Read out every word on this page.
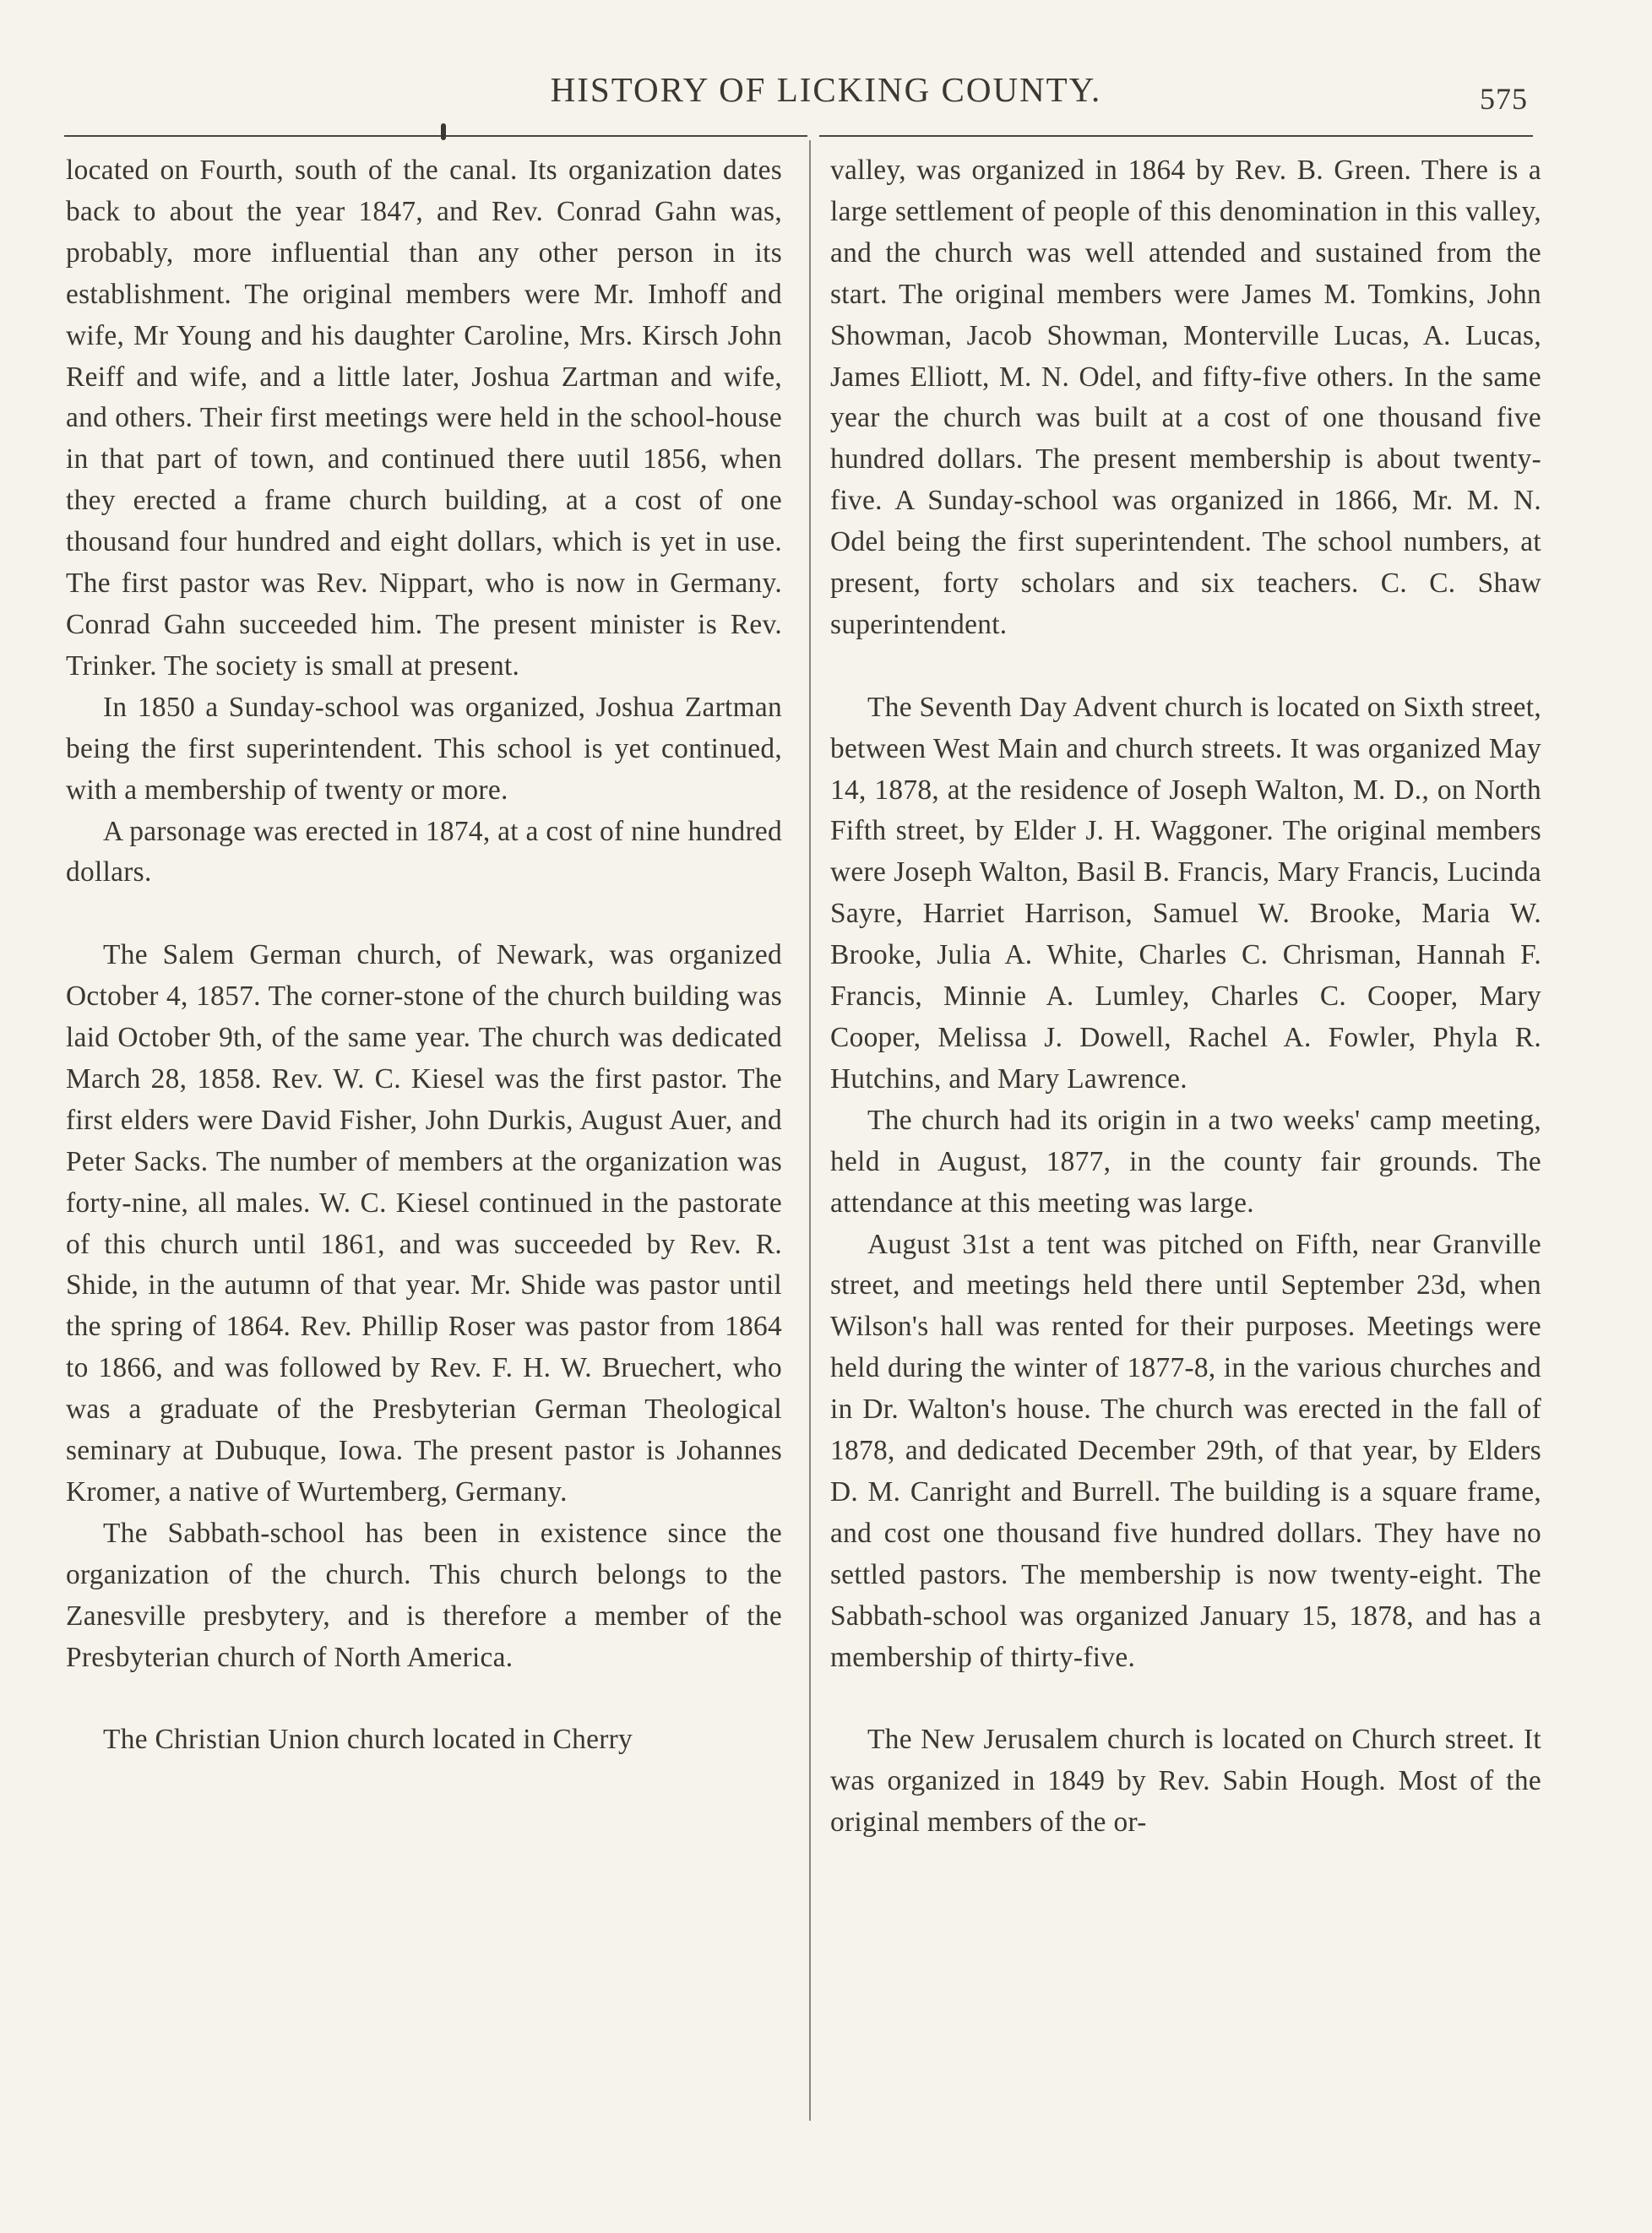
HISTORY OF LICKING COUNTY.	575

located on Fourth, south of the canal. Its organization dates back to about the year 1847, and Rev. Conrad Gahn was, probably, more influential than any other person in its establishment. The original members were Mr. Imhoff and wife, Mr Young and his daughter Caroline, Mrs. Kirsch John Reiff and wife, and a little later, Joshua Zartman and wife, and others. Their first meetings were held in the school-house in that part of town, and continued there uutil 1856, when they erected a frame church building, at a cost of one thousand four hundred and eight dollars, which is yet in use. The first pastor was Rev. Nippart, who is now in Germany. Conrad Gahn succeeded him. The present minister is Rev. Trinker. The society is small at present.

In 1850 a Sunday-school was organized, Joshua Zartman being the first superintendent. This school is yet continued, with a membership of twenty or more.

A parsonage was erected in 1874, at a cost of nine hundred dollars.

The Salem German church, of Newark, was organized October 4, 1857. The corner-stone of the church building was laid October 9th, of the same year. The church was dedicated March 28, 1858. Rev. W. C. Kiesel was the first pastor. The first elders were David Fisher, John Durkis, August Auer, and Peter Sacks. The number of members at the organization was forty-nine, all males. W. C. Kiesel continued in the pastorate of this church until 1861, and was succeeded by Rev. R. Shide, in the autumn of that year. Mr. Shide was pastor until the spring of 1864. Rev. Phillip Roser was pastor from 1864 to 1866, and was followed by Rev. F. H. W. Bruechert, who was a graduate of the Presbyterian German Theological seminary at Dubuque, Iowa. The present pastor is Johannes Kromer, a native of Wurtemberg, Germany.

The Sabbath-school has been in existence since the organization of the church. This church belongs to the Zanesville presbytery, and is therefore a member of the Presbyterian church of North America.

The Christian Union church located in Cherry

valley, was organized in 1864 by Rev. B. Green. There is a large settlement of people of this denomination in this valley, and the church was well attended and sustained from the start. The original members were James M. Tomkins, John Showman, Jacob Showman, Monterville Lucas, A. Lucas, James Elliott, M. N. Odel, and fifty-five others. In the same year the church was built at a cost of one thousand five hundred dollars. The present membership is about twenty-five. A Sunday-school was organized in 1866, Mr. M. N. Odel being the first superintendent. The school numbers, at present, forty scholars and six teachers. C. C. Shaw superintendent.

The Seventh Day Advent church is located on Sixth street, between West Main and church streets. It was organized May 14, 1878, at the residence of Joseph Walton, M. D., on North Fifth street, by Elder J. H. Waggoner. The original members were Joseph Walton, Basil B. Francis, Mary Francis, Lucinda Sayre, Harriet Harrison, Samuel W. Brooke, Maria W. Brooke, Julia A. White, Charles C. Chrisman, Hannah F. Francis, Minnie A. Lumley, Charles C. Cooper, Mary Cooper, Melissa J. Dowell, Rachel A. Fowler, Phyla R. Hutchins, and Mary Lawrence.

The church had its origin in a two weeks' camp meeting, held in August, 1877, in the county fair grounds. The attendance at this meeting was large.

August 31st a tent was pitched on Fifth, near Granville street, and meetings held there until September 23d, when Wilson's hall was rented for their purposes. Meetings were held during the winter of 1877-8, in the various churches and in Dr. Walton's house. The church was erected in the fall of 1878, and dedicated December 29th, of that year, by Elders D. M. Canright and Burrell. The building is a square frame, and cost one thousand five hundred dollars. They have no settled pastors. The membership is now twenty-eight. The Sabbath-school was organized January 15, 1878, and has a membership of thirty-five.

The New Jerusalem church is located on Church street. It was organized in 1849 by Rev. Sabin Hough. Most of the original members of the or-
